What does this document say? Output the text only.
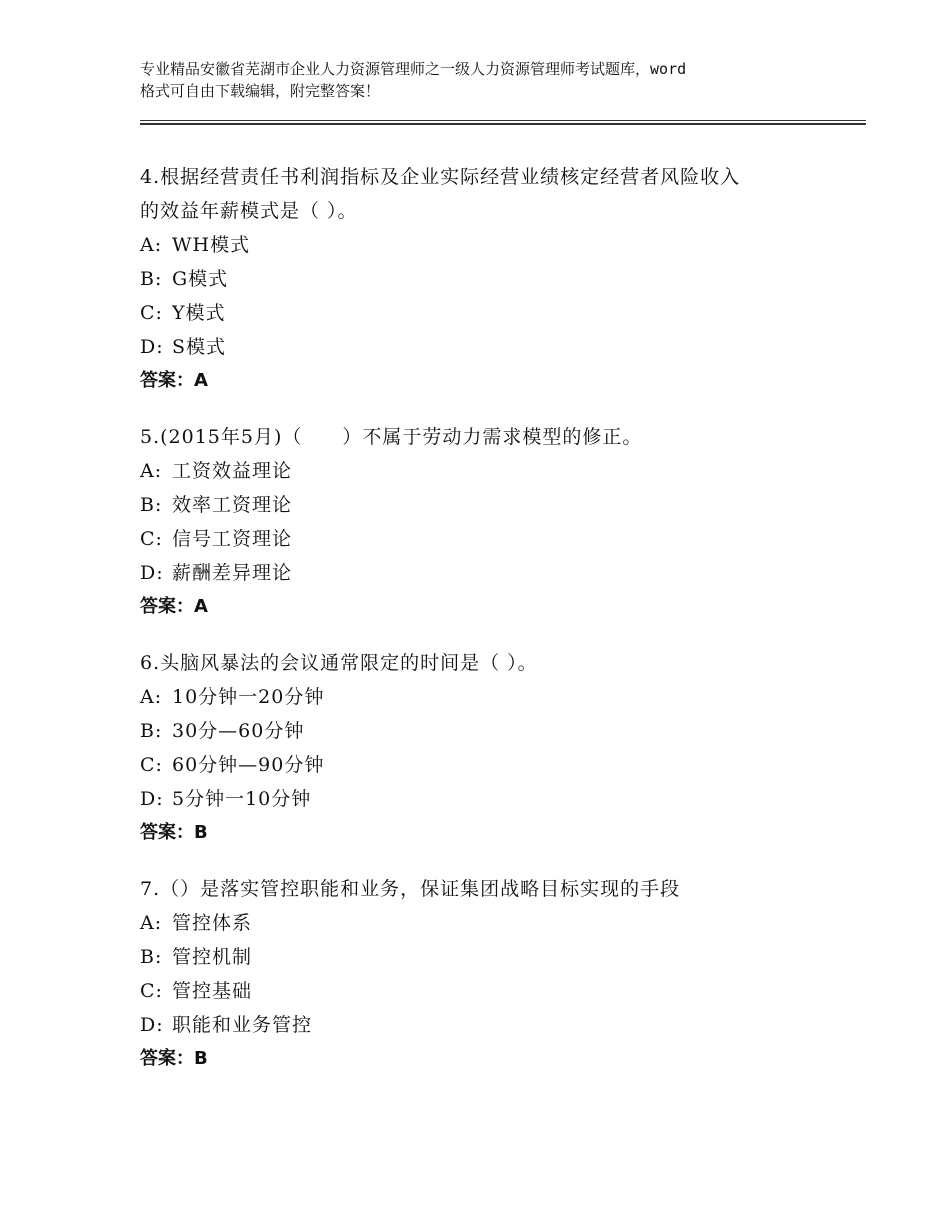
专业精品安徽省芜湖市企业人力资源管理师之一级人力资源管理师考试题库，word
格式可自由下载编辑，附完整答案！
4.根据经营责任书利润指标及企业实际经营业绩核定经营者风险收入
的效益年薪模式是（ ）。
A: WH模式
B: G模式
C: Y模式
D: S模式
答案：A
5.(2015年5月)（　　）不属于劳动力需求模型的修正。
A: 工资效益理论
B: 效率工资理论
C: 信号工资理论
D: 薪酬差异理论
答案：A
6.头脑风暴法的会议通常限定的时间是（ ）。
A: 10分钟一20分钟
B: 30分—60分钟
C: 60分钟—90分钟
D: 5分钟一10分钟
答案：B
7.（）是落实管控职能和业务，保证集团战略目标实现的手段
A: 管控体系
B: 管控机制
C: 管控基础
D: 职能和业务管控
答案：B
